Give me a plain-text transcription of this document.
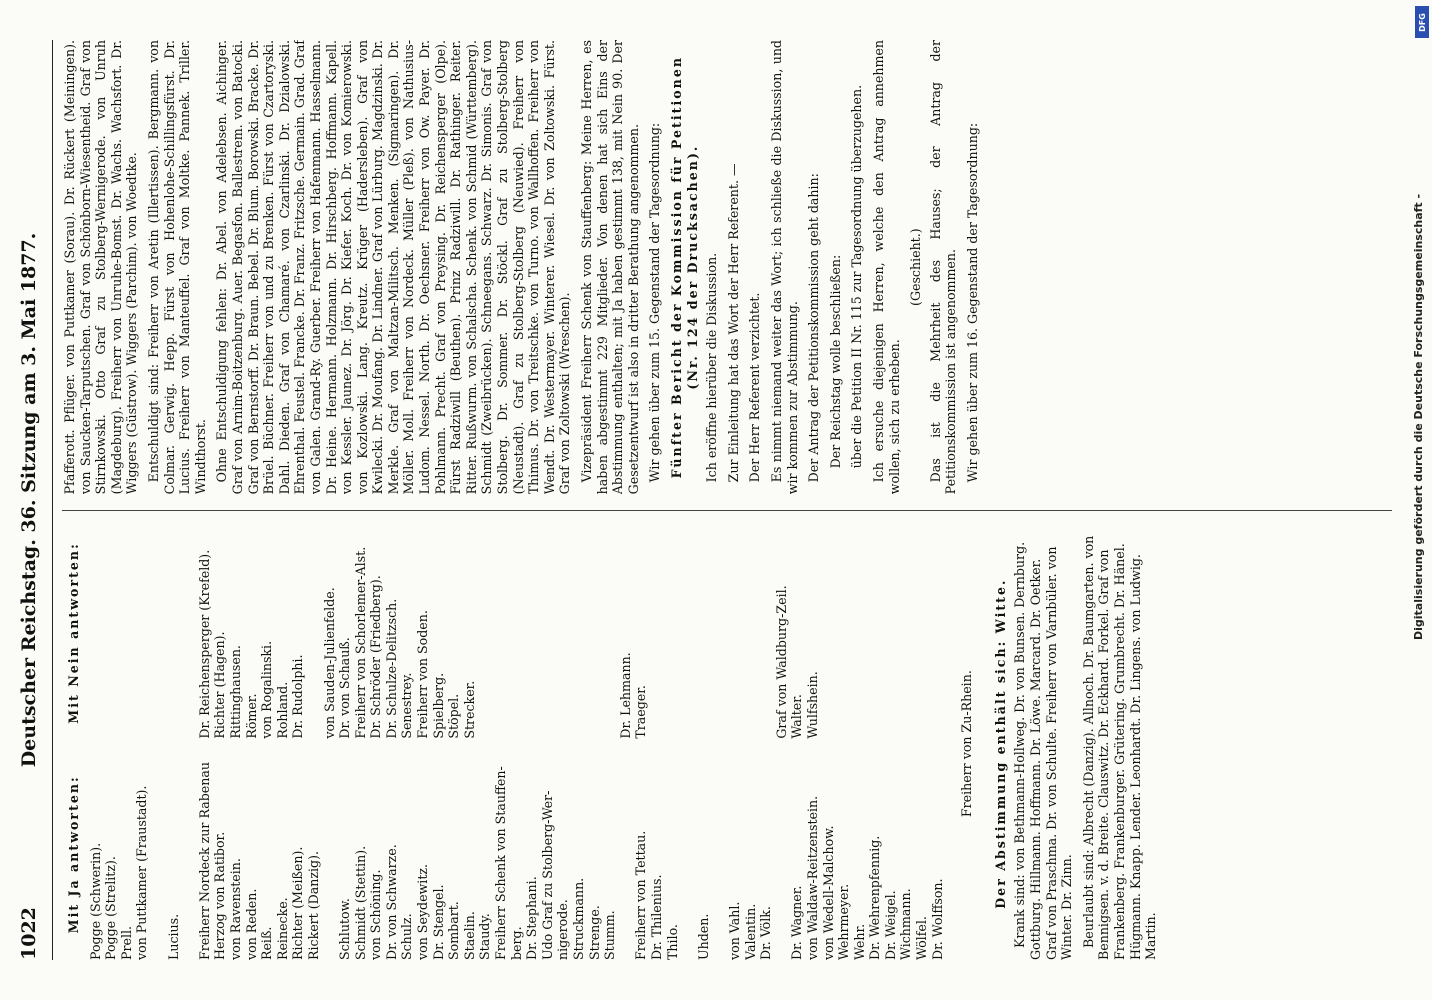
1022
Deutscher Reichstag. 36. Sitzung am 3. Mai 1877.
Mit Ja antworten:
Mit Nein antworten:
Pogge (Schwerin).
Pogge (Strelitz).
Prell.
von Puttkamer (Fraustadt).

Lucius.

Freiherr Nordeck zur Rabenau
Dr. Reichensperger (Krefeld).
Herzog von Ratibor.
Richter (Hagen).
von Ravenstein.
Rittinghausen.
von Reden.
Römer.
Reiß.
von Rogalinski.
Reinecke.
Rohland.
Richter (Meißen).
Dr. Rudolphi.
Rickert (Danzig).

von Sauden-Julienfelde.
Schlutow.
Dr. von Schauß.
Schmidt (Stettin).
Freiherr von Schorlemer-Alst.
von Schöning.
Dr. Schröder (Friedberg).
Dr. von Schwarze.
Dr. Schulze-Delitzsch.
Schulz.
Senestrey.
von Seydewitz.
Freiherr von Soden.
Dr. Stengel.
Spielberg.
Sombart.
Stöpel.
Staelin.
Strecker.
Staudy.
Freiherr Schenk von Stauffen-
berg.
Dr. Stephani.
Udo Graf zu Stolberg-Wer-
nigerode.
Struckmann.
Strenge.
Stumm.

Dr. Lehmann.
Freiherr von Tettau.
Traeger.
Dr. Thilenius.
Thilo.

Uhden.

von Vahl.
Valentin.
Dr. Völk.

Graf von Waldburg-Zeil.
Dr. Wagner.
Walter.
von Waldaw-Reitzenstein.
Wulfshein.
von Wedell-Malchow.
Wehrmeyer.
Wehr.
Dr. Wehrenpfennig.
Dr. Weigel.
Wichmann.
Wölfel.
Dr. Wolffson.

Freiherr von Zu-Rhein. Der Abstimmung enthält sich: Witte. Krank sind: von Bethmann-Hollweg. Dr. von Bunsen. Dernburg. Gottburg. Hillmann. Hoffmann. Dr. Löwe. Marcard. Dr. Oetker. Graf von Praschma. Dr. von Schulte. Freiherr von Varnbüler. von Winter. Dr. Zinn. Beurlaubt sind: Albrecht (Danzig). Allnoch. Dr. Baumgarten. von Bennigsen. v. d. Breite. Clauswitz. Dr. Eckhard. Forkel. Graf von Frankenberg. Frankenburger. Grütering. Grumbrecht. Dr. Hänel. Hügmann. Knapp. Lender. Leonhardt. Dr. Lingens. von Ludwig. Martin.

Pfafferott. Pflüger. von Puttkamer (Sorau). Dr. Rückert (Meiningen). von Saucken-Tarputschen. Graf von Schönborn-Wiesentheid. Graf von Stirnkowski. Otto Graf zu Stolberg-Wernigerode. von Unruh (Magdeburg). Freiherr von Unruhe-Bomst. Dr. Wachs. Wachsfort. Dr. Wiggers (Güstrow). Wiggers (Parchim). von Woedtke. Entschuldigt sind: Freiherr von Aretin (Illertissen). Bergmann. von Colmar. Gerwig. Hepp. Fürst von Hohenlohe-Schillingsfürst. Dr. Lucius. Freiherr von Manteuffel. Graf von Moltke. Pannek. Triller. Windthorst. Ohne Entschuldigung fehlen: Dr. Abel. von Adelebsen. Aichinger. Graf von Arnim-Boitzenburg. Auer. Begasfon. Ballestrem. von Batocki. Graf von Bernstorff. Dr. Braun. Bebel. Dr. Blum. Borowski. Bracke. Dr. Brüel. Büchner. Freiherr von und zu Brenken. Fürst von Czartoryski. Dahl. Dieden. Graf von Chamaré. von Czarlinski. Dr. Dzialowski. Ehrenthal. Feustel. Francke. Dr. Franz. Fritzsche. Germain. Grad. Graf von Galen. Grand-Ry. Guerber. Freiherr von Hafenmann. Hasselmann. Dr. Heine. Hermann. Holzmann. Dr. Hirschberg. Hoffmann. Kapell. von Kessler. Jaunez. Dr. Jörg. Dr. Kiefer. Koch. Dr. von Komierowski. von Kozlowski. Lang. Kreutz. Krüger (Hadersleben). Graf von Kwilecki. Dr. Moufang. Dr. Lindner. Graf von Lürburg. Magdzinski. Dr. Merkle. Graf von Maltzan-Militsch. Menken. (Sigmaringen). Dr. Möller. Moll. Freiherr von Nordeck. Müller (Pleß). von Nathusius-Ludom. Nessel. North. Dr. Oechsner. Freiherr von Ow. Payer. Dr. Pohlmann. Precht. Graf von Preysing. Dr. Reichensperger (Olpe). Fürst Radziwill (Beuthen). Prinz Radziwill. Dr. Rathinger. Reiter. Ritter. Rußwurm. von Schalscha. Schenk. von Schmid (Württemberg). Schmidt (Zweibrücken). Schneegans. Schwarz. Dr. Simonis. Graf von Stolberg. Dr. Sommer. Dr. Stöckl. Graf zu Stolberg-Stolberg (Neustadt). Graf zu Stolberg-Stolberg (Neuwied). Freiherr von Thimus. Dr. von Treitschke. von Turno. von Wallhoffen. Freiherr von Wendt. Dr. Westermayer. Winterer. Wiesel. Dr. von Zoltowski. Fürst. Graf von Zoltowski (Wreschen). Vizepräsident Freiherr Schenk von Stauffenberg: Meine Herren, es haben abgestimmt 229 Mitglieder. Von denen hat sich Eins der Abstimmung enthalten; mit Ja haben gestimmt 138, mit Nein 90. Der Gesetzentwurf ist also in dritter Berathung angenommen. Wir gehen über zum 15. Gegenstand der Tagesordnung: Fünfter Bericht der Kommission für Petitionen (Nr. 124 der Drucksachen). Ich eröffne hierüber die Diskussion. Zur Einleitung hat das Wort der Herr Referent. — Der Herr Referent verzichtet. Es nimmt niemand weiter das Wort; ich schließe die Diskussion, und wir kommen zur Abstimmung. Der Antrag der Petitionskommission geht dahin: Der Reichstag wolle beschließen: über die Petition II Nr. 115 zur Tagesordnung überzugehen. Ich ersuche diejenigen Herren, welche den Antrag annehmen wollen, sich zu erheben.

(Geschieht.) Das ist die Mehrheit des Hauses; der Antrag der Petitionskommission ist angenommen. Wir gehen über zum 16. Gegenstand der Tagesordnung:	Digitalisierung gefördert durch die Deutsche Forschungsgemeinschaft -
DFG
